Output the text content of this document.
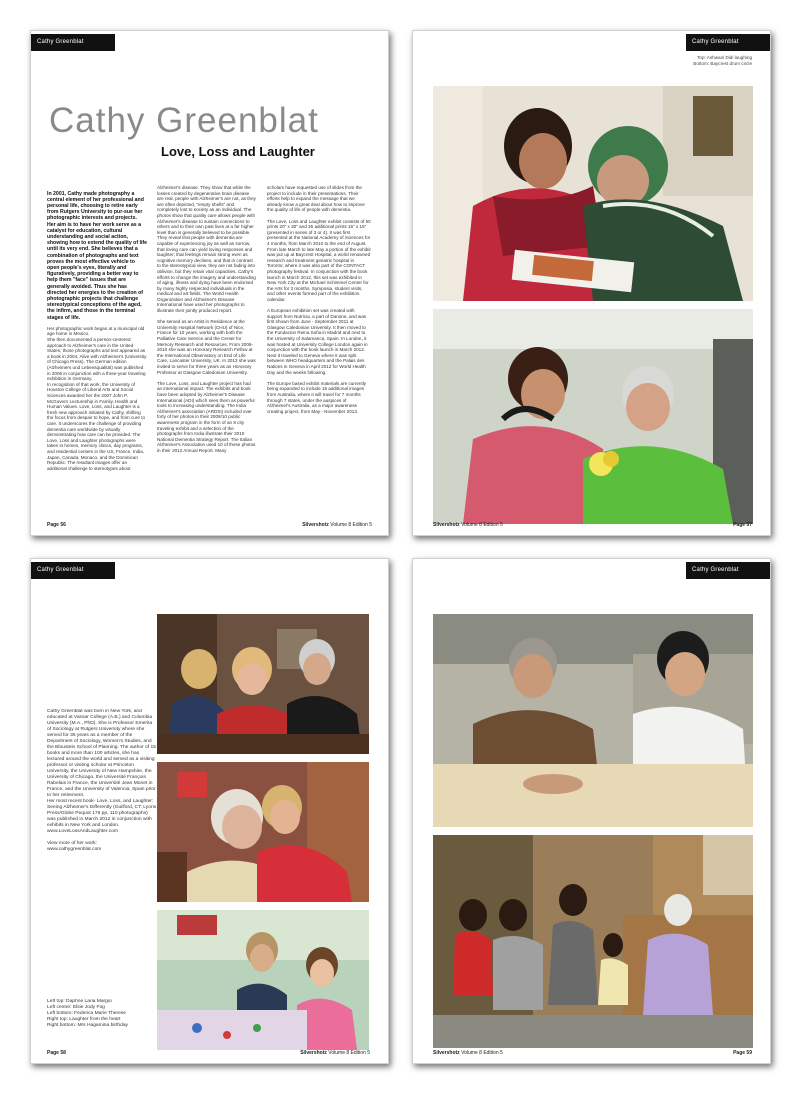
Cathy Greenblat
Cathy Greenblat
Love, Loss and Laughter

In 2001, Cathy made photography a central element of her professional and personal life, choosing to retire early from Rutgers University to pur-sue her photographic interests and projects. Her aim is to have her work serve as a catalyst for education, cultural understanding and social action, showing how to extend the quality of life until its very end. She believes that a combination of photographs and text proves the most effective vehicle to open people's eyes, literally and figuratively, providing a better way to help them "face" issues that are generally avoided. Thus she has directed her energies to the creation of photographic projects that challenge stereotypical conceptions of the aged, the infirm, and those in the terminal stages of life.
Her photographic work began at a municipal old age home in Mexico.
She then documented a person-centered approach to Alzheimer's care in the United States; those photographs and text appeared as a book in 2004, Alive with Alzheimer's (University of Chicago Press). The German edition (Alzheimers und Lebensqualität) was published in 2006 in conjunction with a three-year traveling exhibition in Germany.
In recognition of that work, the University of Houston College of Liberal Arts and Social Sciences awarded her the 2007 John P. McGovern Lectureship in Family, Health and Human Values. Love, Loss, and Laughter is a fresh new approach initiated by Cathy, shifting the focus from despair to hope, and from cure to care. It underscores the challenge of providing dementia care worldwide by visually demonstrating how care can be provided. The Love, Loss and Laughter photographs were taken in homes, memory clinics, day programs, and residential centers in the US, France, India, Japan, Canada, Monaco, and the Dominican Republic. The resultant images offer an additional challenge to stereotypes about

Alzheimer's disease. They show that while the losses created by degenerative brain disease are real, people with Alzheimer's are not, as they are often depicted, "empty shells" and completely lost to society as an individual. The photos show that quality care allows people with Alzheimer's disease to sustain connections to others and to their own past lives at a far higher level than is generally believed to be possible. They reveal that people with dementia are capable of experiencing joy as well as sorrow, that loving care can yield loving responses and laughter; that feelings remain strong even as cognitive memory declines, and that in contrast to the stereotypical view, they are not fading into oblivion, but they retain vital capacities. Cathy's efforts to change the imagery and understanding of aging, illness and dying have been endorsed by many highly respected individuals in the medical and art fields. The World Health Organization and Alzheimer's Disease International have used her photographs to illustrate their jointly produced report.

She served as an Artist in Residence at the University Hospital Network (CHU) of Nice, France for 10 years, working with both the Palliative Care Service and the Center for Memory Research and Resources. From 2006-2010 she was an Honorary Research Fellow at the International Observatory on End of Life Care, Lancaster University, UK. In 2013 she was invited to serve for three years as an Honorary Professor at Glasgow Caledonian University.

The Love, Loss, and Laughter project has had an international impact. The exhibits and book have been adopted by Alzheimer's Disease International (ADI) which sees them as powerful tools to increasing understanding. The India Alzheimer's association (ARDSI) included over forty of her photos in their 2009/10 public awareness program in the form of an 8 city traveling exhibit and a selection of the photographs from India illustrate their 2010 National Dementia Strategy Report. The Italian Alzheimer's Association used 10 of these photos in their 2012 Annual Report. Many
scholars have requested use of slides from the project to include in their presentations. Their efforts help to expand the message that we already know a great deal about how to improve the quality of life of people with dementia.

The Love, Loss and Laughter exhibit consists of 50 prints 20" x 30" and 35 additional prints 15" x 15" (presented in series of 3 or 4). It was first presented at the National Academy of Sciences for 4 months, from March 2010 to the end of August. From late March to late May a portion of the exhibit was put up at Baycrest Hospital, a world renowned research and treatment geriatric hospital in Toronto; where it was also part of the CONTACT photography festival. In conjunction with the book launch in March 2012, this set was exhibited in New York City at the Michael Schimmel Center for the Arts for 3 months. Symposia, student visits, and other events formed part of the exhibition calendar.

A European exhibition set was created with support from Nutricia, a part of Danone, and was first shown from June - September 2011 at Glasgow Caledonian University. It then moved to the Fundacion Reina Sofia in Madrid and next to the University of Salamanca, Spain. In London, it was hosted at University College London again in conjunction with the book launch in March 2012. Next it traveled to Geneva where it was split between WHO headquarters and the Palais des Nations in Geneva in April 2012 for World Health Day and the weeks following.

The Europe based exhibit materials are currently being expanded to include 15 additional images from Australia, where it will travel for 7 months through 7 states, under the auspices of Alzheimer's Australia, as a major awareness creating project, from May - November 2013.
Page 56	Silvershotz Volume 8 Edition 5
Cathy Greenblat
Top: Ashwani Didi laughing
Bottom: Baycrest drum circle
Silvershotz Volume 8 Edition 5	Page 57
Cathy Greenblat
Cathy Greenblat was born in New York, and educated at Vassar College (A.B.) and Columbia University (M.A., PhD). She is Professor Emerita of Sociology at Rutgers University where she served for 35 years as a member of the Department of Sociology, Women's Studies, and the Bloustein School of Planning. The author of 15 books and more than 100 articles, she has lectured around the world and served as a visiting professor or visiting scholar at Princeton University, the University of New Hampshire, the University of Chicago, the Université François Rabelais in France, the Université Jean Monet in France, and the University of Valencia, Spain prior to her retirement.
Her most recent book- Love, Loss, and Laughter: Seeing Alzheimer's Differently (Guilford, CT: Lyons Press/Globe Pequot 176 pp, 110 photographs) was published in March 2012 in conjunction with exhibits in New York and London.
www.LoveLossAndLaughter.com

View more of her work:
www.cathygreenblat.com
Left top: Daphne Laria Margio
Left centre: Elsie Jody Fog
Left bottom: Federica Marie Therese
Right top: Laughter from the heart
Right bottom: Mrs Hagamina birthday
Page 58	Silvershotz Volume 8 Edition 5
Cathy Greenblat
Silvershotz Volume 8 Edition 5	Page 59
